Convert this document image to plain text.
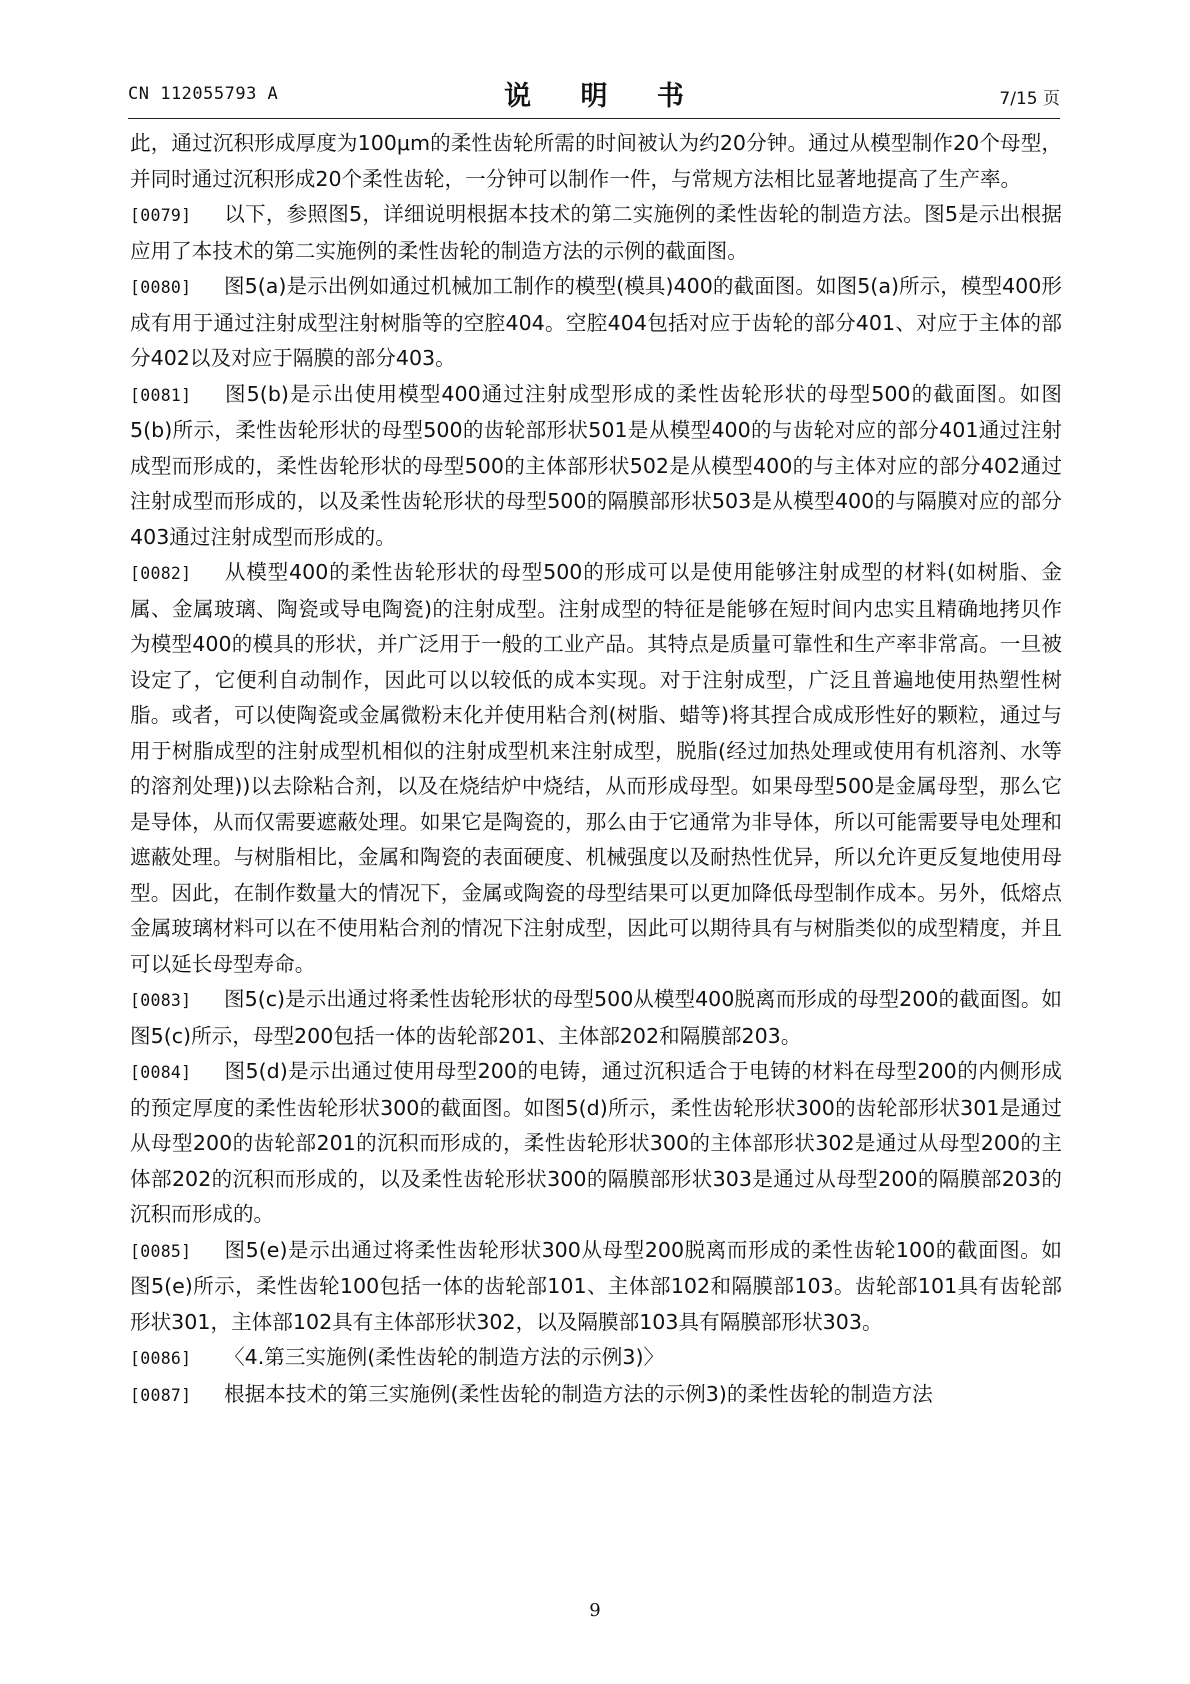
CN 112055793 A	说 明 书	7/15 页

此，通过沉积形成厚度为100μm的柔性齿轮所需的时间被认为约20分钟。通过从模型制作20个母型，并同时通过沉积形成20个柔性齿轮，一分钟可以制作一件，与常规方法相比显著地提高了生产率。

[0079] 以下，参照图5，详细说明根据本技术的第二实施例的柔性齿轮的制造方法。图5是示出根据应用了本技术的第二实施例的柔性齿轮的制造方法的示例的截面图。

[0080] 图5(a)是示出例如通过机械加工制作的模型(模具)400的截面图。如图5(a)所示，模型400形成有用于通过注射成型注射树脂等的空腔404。空腔404包括对应于齿轮的部分401、对应于主体的部分402以及对应于隔膜的部分403。

[0081] 图5(b)是示出使用模型400通过注射成型形成的柔性齿轮形状的母型500的截面图。如图5(b)所示，柔性齿轮形状的母型500的齿轮部形状501是从模型400的与齿轮对应的部分401通过注射成型而形成的，柔性齿轮形状的母型500的主体部形状502是从模型400的与主体对应的部分402通过注射成型而形成的，以及柔性齿轮形状的母型500的隔膜部形状503是从模型400的与隔膜对应的部分403通过注射成型而形成的。

[0082] 从模型400的柔性齿轮形状的母型500的形成可以是使用能够注射成型的材料(如树脂、金属、金属玻璃、陶瓷或导电陶瓷)的注射成型。注射成型的特征是能够在短时间内忠实且精确地拷贝作为模型400的模具的形状，并广泛用于一般的工业产品。其特点是质量可靠性和生产率非常高。一旦被设定了，它便利自动制作，因此可以以较低的成本实现。对于注射成型，广泛且普遍地使用热塑性树脂。或者，可以使陶瓷或金属微粉末化并使用粘合剂(树脂、蜡等)将其捏合成成形性好的颗粒，通过与用于树脂成型的注射成型机相似的注射成型机来注射成型，脱脂(经过加热处理或使用有机溶剂、水等的溶剂处理))以去除粘合剂，以及在烧结炉中烧结，从而形成母型。如果母型500是金属母型，那么它是导体，从而仅需要遮蔽处理。如果它是陶瓷的，那么由于它通常为非导体，所以可能需要导电处理和遮蔽处理。与树脂相比，金属和陶瓷的表面硬度、机械强度以及耐热性优异，所以允许更反复地使用母型。因此，在制作数量大的情况下，金属或陶瓷的母型结果可以更加降低母型制作成本。另外，低熔点金属玻璃材料可以在不使用粘合剂的情况下注射成型，因此可以期待具有与树脂类似的成型精度，并且可以延长母型寿命。

[0083] 图5(c)是示出通过将柔性齿轮形状的母型500从模型400脱离而形成的母型200的截面图。如图5(c)所示，母型200包括一体的齿轮部201、主体部202和隔膜部203。

[0084] 图5(d)是示出通过使用母型200的电铸，通过沉积适合于电铸的材料在母型200的内侧形成的预定厚度的柔性齿轮形状300的截面图。如图5(d)所示，柔性齿轮形状300的齿轮部形状301是通过从母型200的齿轮部201的沉积而形成的，柔性齿轮形状300的主体部形状302是通过从母型200的主体部202的沉积而形成的，以及柔性齿轮形状300的隔膜部形状303是通过从母型200的隔膜部203的沉积而形成的。

[0085] 图5(e)是示出通过将柔性齿轮形状300从母型200脱离而形成的柔性齿轮100的截面图。如图5(e)所示，柔性齿轮100包括一体的齿轮部101、主体部102和隔膜部103。齿轮部101具有齿轮部形状301，主体部102具有主体部形状302，以及隔膜部103具有隔膜部形状303。

[0086] 〈4.第三实施例(柔性齿轮的制造方法的示例3)〉

[0087] 根据本技术的第三实施例(柔性齿轮的制造方法的示例3)的柔性齿轮的制造方法

9
